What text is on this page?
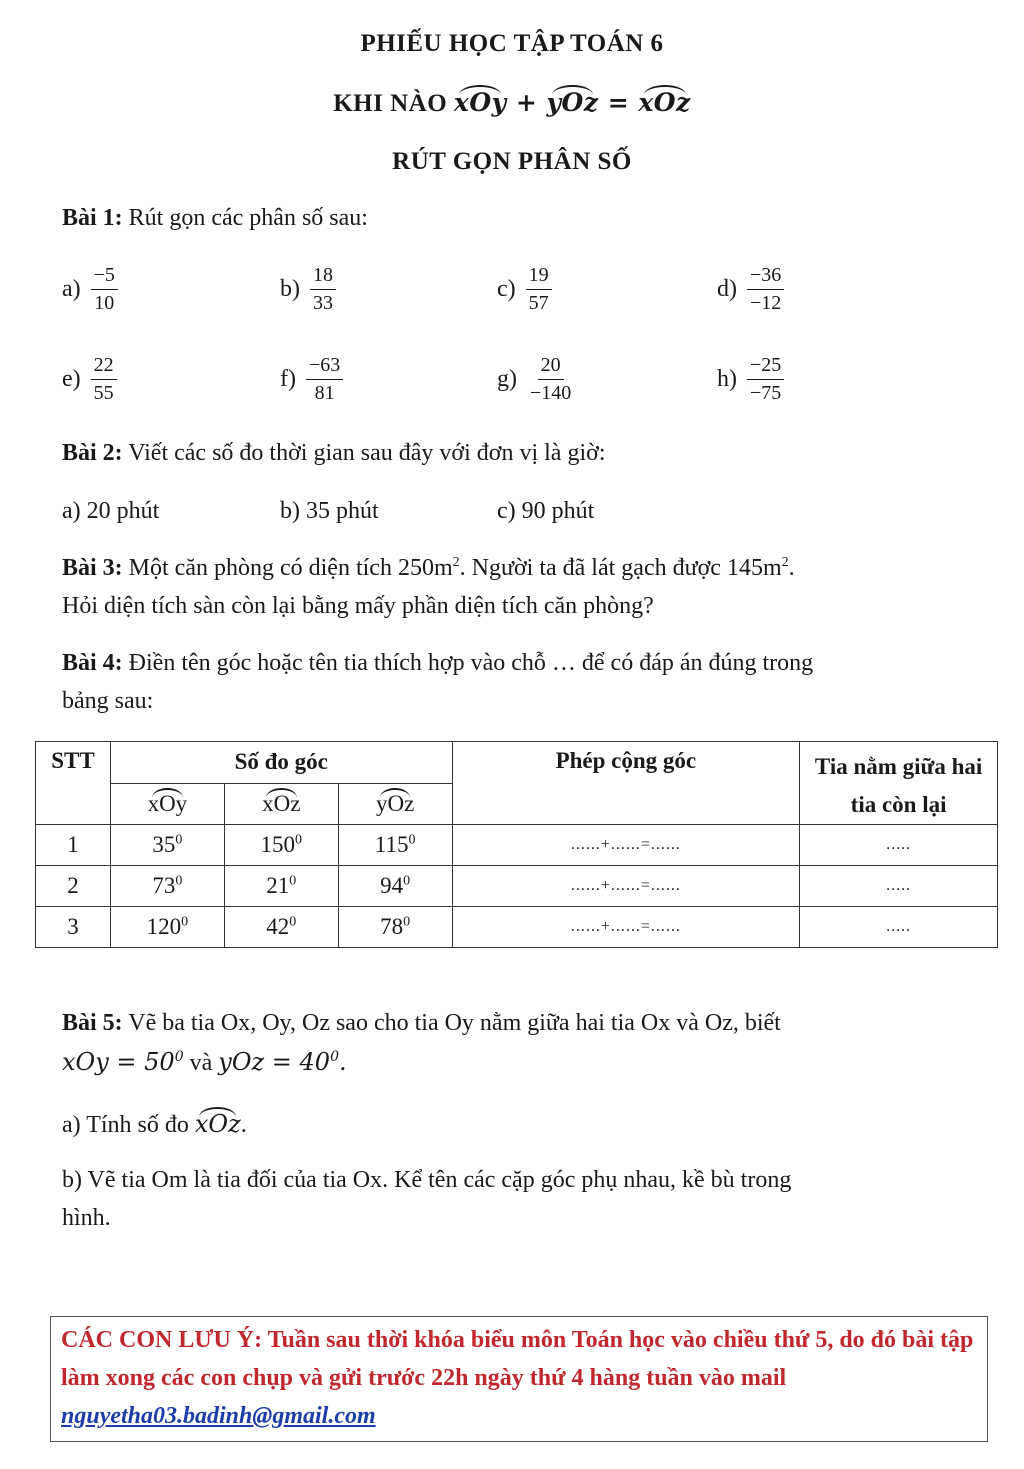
PHIẾU HỌC TẬP TOÁN 6
KHI NÀO xOy + yOz = xOz
RÚT GỌN PHÂN SỐ
Bài 1: Rút gọn các phân số sau:
$a) \frac{-5}{10}$	$b) \frac{18}{33}$	$c) \frac{19}{57}$	$d) \frac{-36}{-12}$
$e) \frac{22}{55}$	$f) \frac{-63}{81}$	$g) \frac{20}{-140}$	$h) \frac{-25}{-75}$
Bài 2: Viết các số đo thời gian sau đây với đơn vị là giờ:
a) 20 phút	b) 35 phút	c) 90 phút
Bài 3: Một căn phòng có diện tích $250m^2$. Người ta đã lát gạch được $145m^2$.
Hỏi diện tích sàn còn lại bằng mấy phần diện tích căn phòng?
Bài 4: Điền tên góc hoặc tên tia thích hợp vào chỗ … để có đáp án đúng trong
bảng sau:
STT	Số đo góc			Phép cộng góc	Tia nằm giữa hai tia còn lại
	xOy	xOz	yOz		
1	$35^0$	$150^0$	$115^0$	......+......=......	.....
2	$73^0$	$21^0$	$94^0$	......+......=......	.....
3	$120^0$	$42^0$	$78^0$	......+......=......	.....
Bài 5: Vẽ ba tia Ox, Oy, Oz sao cho tia Oy nằm giữa hai tia Ox và Oz, biết
xOy = $50^0$ và yOz = $40^0$.
a) Tính số đo xOz.
b) Vẽ tia Om là tia đối của tia Ox. Kể tên các cặp góc phụ nhau, kề bù trong
hình.
CÁC CON LƯU Ý: Tuần sau thời khóa biểu môn Toán học vào chiều thứ 5, do đó bài tập làm xong các con chụp và gửi trước 22h ngày thứ 4 hàng tuần vào mail nguyetha03.badinh@gmail.com
